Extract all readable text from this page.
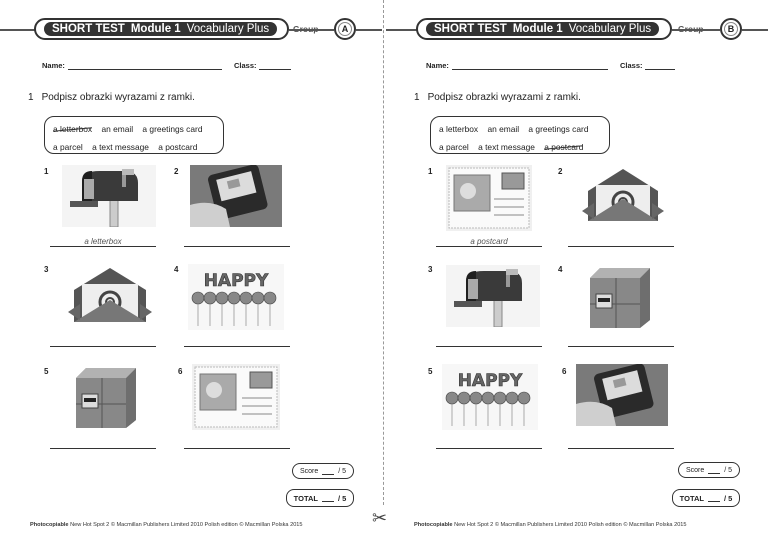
✂
SHORT TEST Module 1 Vocabulary Plus	Group	A
Name:	Class:
1 Podpisz obrazki wyrazami z ramki.
a letterbox an email a greetings card
a parcel a text message a postcard
1
a letterbox
2
3	4
HAPPY
5	6
Score	/ 5
TOTAL	/ 5
Photocopiable New Hot Spot 2 © Macmillan Publishers Limited 2010 Polish edition © Macmillan Polska 2015
SHORT TEST Module 1 Vocabulary Plus	Group	B
Name:	Class:
1 Podpisz obrazki wyrazami z ramki.
a letterbox an email a greetings card
a parcel a text message a postcard
1
a postcard
2
3	4
5 HAPPY	6
Score	/ 5
TOTAL	/ 5
Photocopiable New Hot Spot 2 © Macmillan Publishers Limited 2010 Polish edition © Macmillan Polska 2015
